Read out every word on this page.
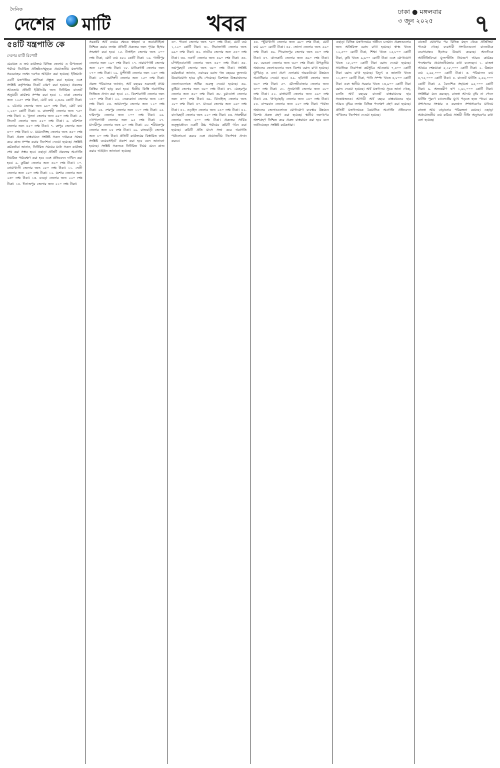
দৈনিক
দেশের মাটি	খবর	ঢাকা ● মঙ্গলবার
৩ জুন ২০২৫	৭
৫৪টি যন্ত্রপাতি কে
দেশের মাটি রিপোর্ট

মেরামত ও ক্রয় কার্যক্রমে বিভিন্ন জেলায় ও উপজেলা পর্যায়ে নির্বাচিত প্রতিষ্ঠানসমূহকে প্রয়োজনীয় যন্ত্রপাতি সরবরাহের লক্ষ্যে দরপত্র আহ্বান করা হয়েছে। ইতিমধ্যে ৫৪টি যন্ত্রপাতির তালিকা প্রস্তুত করা হয়েছে এবং সংশ্লিষ্ট কর্তৃপক্ষের নিকট প্রেরণ করা হয়েছে। প্রকল্পের আওতায় প্রতিটি ইউনিটের জন্য নির্ধারিত বাজেট অনুযায়ী কার্যক্রম সম্পন্ন করা হবে। ১. ঢাকা জেলার জন্য ১২৫০ লক্ষ টাকা, মোট ব্যয় ২,৩৫৬ কোটি টাকা। ২. চট্টগ্রাম জেলার জন্য ৯৮০ লক্ষ টাকা, মোট ব্যয় ১,২৪০ কোটি টাকা। ৩. রাজশাহী জেলার জন্য ৭৫০ লক্ষ টাকা। ৪. খুলনা জেলার জন্য ৬৫০ লক্ষ টাকা। ৫. সিলেট জেলার জন্য ৫৫০ লক্ষ টাকা। ৬. বরিশাল জেলার জন্য ৪৫০ লক্ষ টাকা। ৭. রংপুর জেলার জন্য ৪০০ লক্ষ টাকা। ৮. ময়মনসিংহ জেলার জন্য ৩৫০ লক্ষ টাকা। প্রকল্প বাস্তবায়নে সংশ্লিষ্ট সকল দপ্তরকে সমন্বয় করে কাজ সম্পন্ন করার নির্দেশনা দেওয়া হয়েছে। সংশ্লিষ্ট কর্মকর্তারা জানান, নির্ধারিত সময়ের মধ্যে সকল কার্যক্রম শেষ করা সম্ভব হবে। এছাড়া প্রতিটি প্রকল্পের অগ্রগতি নিয়মিত পর্যবেক্ষণ করা হবে এবং প্রতিবেদন দাখিল করা হবে। ৯. কুমিল্লা জেলার জন্য ৩২০ লক্ষ টাকা। ১০. নোয়াখালী জেলার জন্য ২৮০ লক্ষ টাকা। ১১. ফেনী জেলার জন্য ২৫০ লক্ষ টাকা। ১২. যশোর জেলার জন্য ২৩০ লক্ষ টাকা। ১৩. বগুড়া জেলার জন্য ২২০ লক্ষ টাকা। ১৪. দিনাজপুর জেলার জন্য ২১০ লক্ষ টাকা।

সরকারি অর্থ ব্যয়ের ক্ষেত্রে স্বচ্ছতা ও জবাবদিহিতা নিশ্চিত করার লক্ষ্যে প্রতিটি প্রকল্পের জন্য পৃথক হিসাব সংরক্ষণ করা হবে। ১৫. টাঙ্গাইল জেলার জন্য ২০০ লক্ষ টাকা, মোট ব্যয় ৪৫২ কোটি টাকা। ১৬. গাজীপুর জেলার জন্য ১৯০ লক্ষ টাকা। ১৭. নারায়ণগঞ্জ জেলার জন্য ১৮০ লক্ষ টাকা। ১৮. মানিকগঞ্জ জেলার জন্য ১৭০ লক্ষ টাকা। ১৯. মুন্সীগঞ্জ জেলার জন্য ১৬০ লক্ষ টাকা। ২০. নরসিংদী জেলার জন্য ১৫০ লক্ষ টাকা। প্রকল্প পরিচালক জানান, অর্থ বছরের শুরুতেই প্রথম কিস্তির অর্থ ছাড় করা হবে। দ্বিতীয় কিস্তি অগ্রগতির ভিত্তিতে প্রদান করা হবে। ২১. কিশোরগঞ্জ জেলার জন্য ১৪০ লক্ষ টাকা। ২২. নেত্রকোনা জেলার জন্য ১৩০ লক্ষ টাকা। ২৩. জামালপুর জেলার জন্য ১২০ লক্ষ টাকা। ২৪. শেরপুর জেলার জন্য ১১০ লক্ষ টাকা। ২৫. ফরিদপুর জেলার জন্য ১০০ লক্ষ টাকা। ২৬. গোপালগঞ্জ জেলার জন্য ৯৫ লক্ষ টাকা। ২৭. মাদারীপুর জেলার জন্য ৯০ লক্ষ টাকা। ২৮. শরীয়তপুর জেলার জন্য ৮৫ লক্ষ টাকা। ২৯. রাজবাড়ী জেলার জন্য ৮০ লক্ষ টাকা। প্রতিটি কার্যক্রমের বিস্তারিত তথ্য সংশ্লিষ্ট ওয়েবসাইটে প্রকাশ করা হবে বলে জানানো হয়েছে। সংশ্লিষ্ট সকলকে নির্ধারিত নিয়ম মেনে কাজ করার আহ্বান জানানো হয়েছে।

৩০. পাবনা জেলার জন্য ৭৮০ লক্ষ টাকা, মোট ব্যয় ১,১২০ কোটি টাকা। ৩১. সিরাজগঞ্জ জেলার জন্য ৬৯০ লক্ষ টাকা। ৩২. নাটোর জেলার জন্য ৫৪০ লক্ষ টাকা। ৩৩. নওগাঁ জেলার জন্য ৪৯০ লক্ষ টাকা। ৩৪. চাঁপাইনবাবগঞ্জ জেলার জন্য ৪৫০ লক্ষ টাকা। ৩৫. জয়পুরহাট জেলার জন্য ৩৮০ লক্ষ টাকা। সংশ্লিষ্ট কর্মকর্তারা জানান, এবারের বরাদ্দ গত বছরের তুলনায় উল্লেখযোগ্য হারে বৃদ্ধি পেয়েছে। বিশেষত উত্তরাঞ্চলের জেলাগুলোতে অধিক গুরুত্ব দেওয়া হয়েছে। ৩৬. কুষ্টিয়া জেলার জন্য ৩৫০ লক্ষ টাকা। ৩৭. মেহেরপুর জেলার জন্য ৩২০ লক্ষ টাকা। ৩৮. চুয়াডাঙ্গা জেলার জন্য ৩০০ লক্ষ টাকা। ৩৯. ঝিনাইদহ জেলার জন্য ২৮০ লক্ষ টাকা। ৪০. মাগুরা জেলার জন্য ২৬০ লক্ষ টাকা। ৪১. নড়াইল জেলার জন্য ২৪০ লক্ষ টাকা। ৪২. বাগেরহাট জেলার জন্য ২২০ লক্ষ টাকা। ৪৩. সাতক্ষীরা জেলার জন্য ২০০ লক্ষ টাকা। প্রকল্পের সার্বিক তত্ত্বাবধানে একটি উচ্চ পর্যায়ের কমিটি গঠন করা হয়েছে। কমিটি প্রতি মাসে সভা করে অগ্রগতি পর্যালোচনা করবে এবং প্রয়োজনীয় নির্দেশনা প্রদান করবে।

৪৪. পটুয়াখালী জেলার জন্য ৬৮০ লক্ষ টাকা, মোট ব্যয় ৯৮০ কোটি টাকা। ৪৫. ভোলা জেলার জন্য ৫৯০ লক্ষ টাকা। ৪৬. পিরোজপুর জেলার জন্য ৪৮০ লক্ষ টাকা। ৪৭. ঝালকাঠি জেলার জন্য ৩৯০ লক্ষ টাকা। ৪৮. বরগুনা জেলার জন্য ৩৫০ লক্ষ টাকা। উপকূলীয় অঞ্চলের জেলাগুলোর জন্য বিশেষ বরাদ্দ রাখা হয়েছে। ঘূর্ণিঝড় ও বন্যা প্রবণ এলাকায় অবকাঠামো উন্নয়নে অগ্রাধিকার দেওয়া হবে। ৪৯. হবিগঞ্জ জেলার জন্য ৩২০ লক্ষ টাকা। ৫০. মৌলভীবাজার জেলার জন্য ৩০০ লক্ষ টাকা। ৫১. সুনামগঞ্জ জেলার জন্য ২৮০ লক্ষ টাকা। ৫২. রাঙ্গামাটি জেলার জন্য ২৬০ লক্ষ টাকা। ৫৩. খাগড়াছড়ি জেলার জন্য ২৪০ লক্ষ টাকা। ৫৪. বান্দরবান জেলার জন্য ২২০ লক্ষ টাকা। পার্বত্য অঞ্চলের জেলাগুলোতে যোগাযোগ ব্যবস্থার উন্নয়নে বিশেষ প্রকল্প গ্রহণ করা হয়েছে। স্থানীয় জনগণের অংশগ্রহণ নিশ্চিত করে প্রকল্প বাস্তবায়ন করা হবে বলে জানিয়েছেন সংশ্লিষ্ট কর্মকর্তারা।

এছাড়া বিভিন্ন মন্ত্রণালয়ের অধীনে চলমান প্রকল্পগুলোর জন্য অতিরিক্ত বরাদ্দ রাখা হয়েছে। স্বাস্থ্য খাতে ১২,৫০০ কোটি টাকা, শিক্ষা খাতে ১৫,৮০০ কোটি টাকা, কৃষি খাতে ৯,৬০০ কোটি টাকা এবং যোগাযোগ খাতে ১৮,২০০ কোটি টাকা বরাদ্দ দেওয়া হয়েছে। সামাজিক নিরাপত্তা কর্মসূচির আওতায় ৭,৪০০ কোটি টাকা বরাদ্দ রাখা হয়েছে। বিদ্যুৎ ও জ্বালানি খাতে ১১,৩০০ কোটি টাকা, পানি সম্পদ খাতে ৪,৮০০ কোটি টাকা এবং স্থানীয় সরকার খাতে ১৩,৯০০ কোটি টাকা বরাদ্দ দেওয়া হয়েছে। অর্থ মন্ত্রণালয় সূত্রে জানা গেছে, চলতি অর্থ বছরের বাজেট বাস্তবায়নের হার সন্তোষজনক। আগামী অর্থ বছরে বাস্তবায়নের হার আরও বৃদ্ধির লক্ষ্যে বিভিন্ন পদক্ষেপ গ্রহণ করা হয়েছে। প্রতিটি মন্ত্রণালয়কে ত্রৈমাসিক অগ্রগতি প্রতিবেদন দাখিলের নির্দেশনা দেওয়া হয়েছে।

বাজেট ঘোষণার পর বিভিন্ন মহল থেকে প্রতিক্রিয়া পাওয়া গেছে। ব্যবসায়ী সংগঠনগুলো বাজেটকে ব্যবসাবান্ধব হিসেবে উল্লেখ করেছে। অন্যদিকে অর্থনীতিবিদরা মূল্যস্ফীতি নিয়ন্ত্রণে আরও কার্যকর পদক্ষেপের প্রয়োজনীয়তার কথা বলেছেন। ১. রাজস্ব আয়ের লক্ষ্যমাত্রা ৫,১৮,০০০ কোটি টাকা। ২. উন্নয়ন ব্যয় ২,৬৫,০০০ কোটি টাকা। ৩. পরিচালন ব্যয় ৪,৭৫,০০০ কোটি টাকা। ৪. বাজেট ঘাটতি ২,৫৬,০০০ কোটি টাকা। ৫. বৈদেশিক সহায়তা ৯৫,০০০ কোটি টাকা। ৬. অভ্যন্তরীণ ঋণ ১,৬১,০০০ কোটি টাকা। সংশ্লিষ্টরা মনে করছেন, রাজস্ব আদায় বৃদ্ধি না পেলে ঘাটতি পূরণে চ্যালেঞ্জের মুখে পড়তে হতে পারে। কর প্রশাসনের সংস্কার ও করজাল সম্প্রসারণের মাধ্যমে রাজস্ব আয় বাড়ানোর পরিকল্পনা রয়েছে। এছাড়া অপ্রয়োজনীয় ব্যয় কমিয়ে সাশ্রয়ী নীতি অনুসরণের কথা বলা হয়েছে।
